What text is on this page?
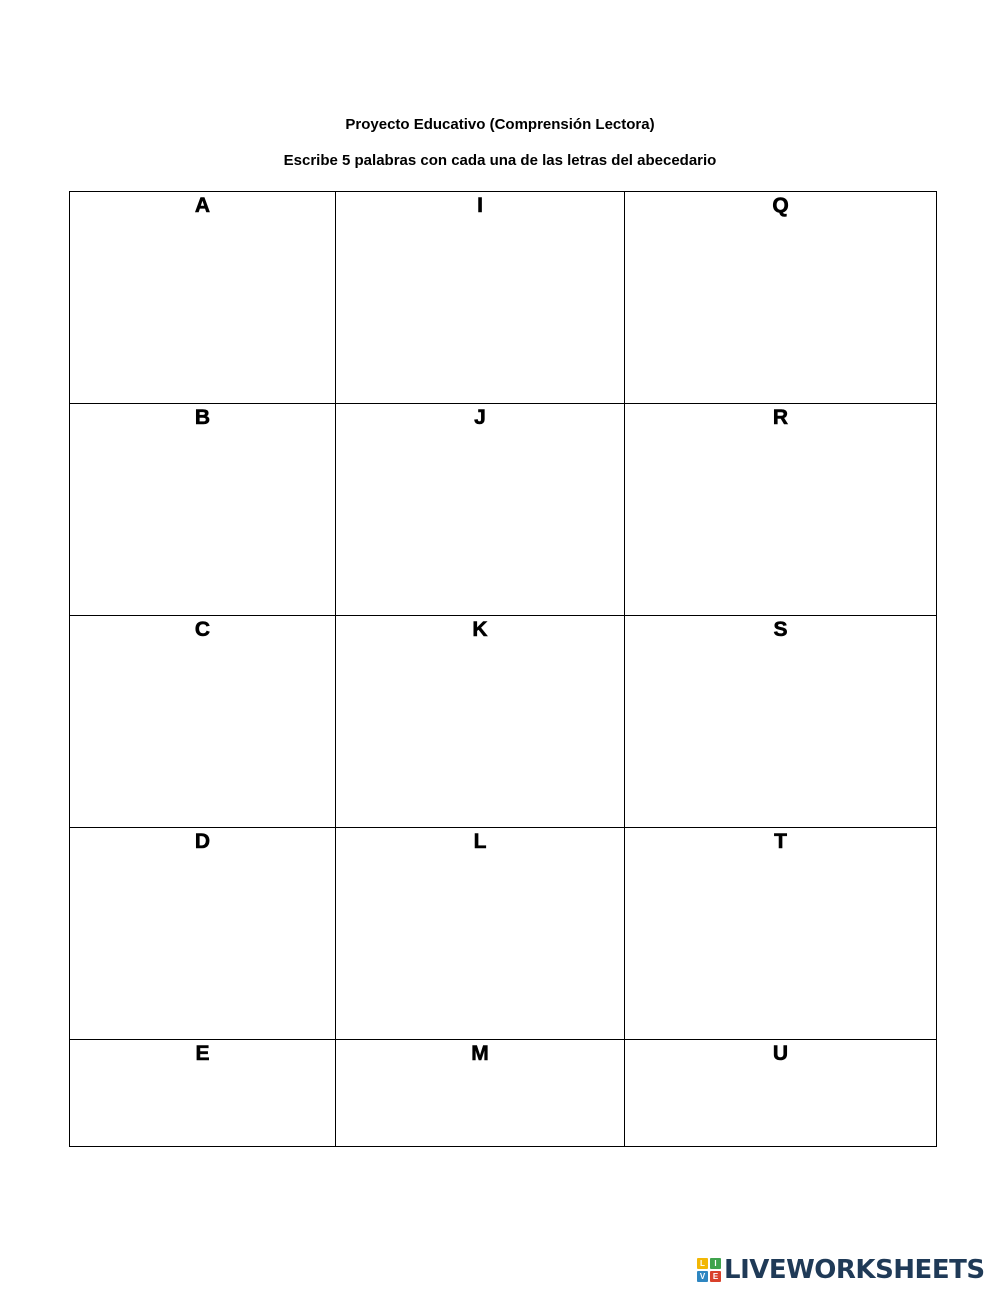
Proyecto Educativo (Comprensión Lectora)

Escribe 5 palabras con cada una de las letras del abecedario

A	I	Q

B	J	R

C	K	S

D	L	T

E	M	U
L	I
V E LIVEWORKSHEETS
